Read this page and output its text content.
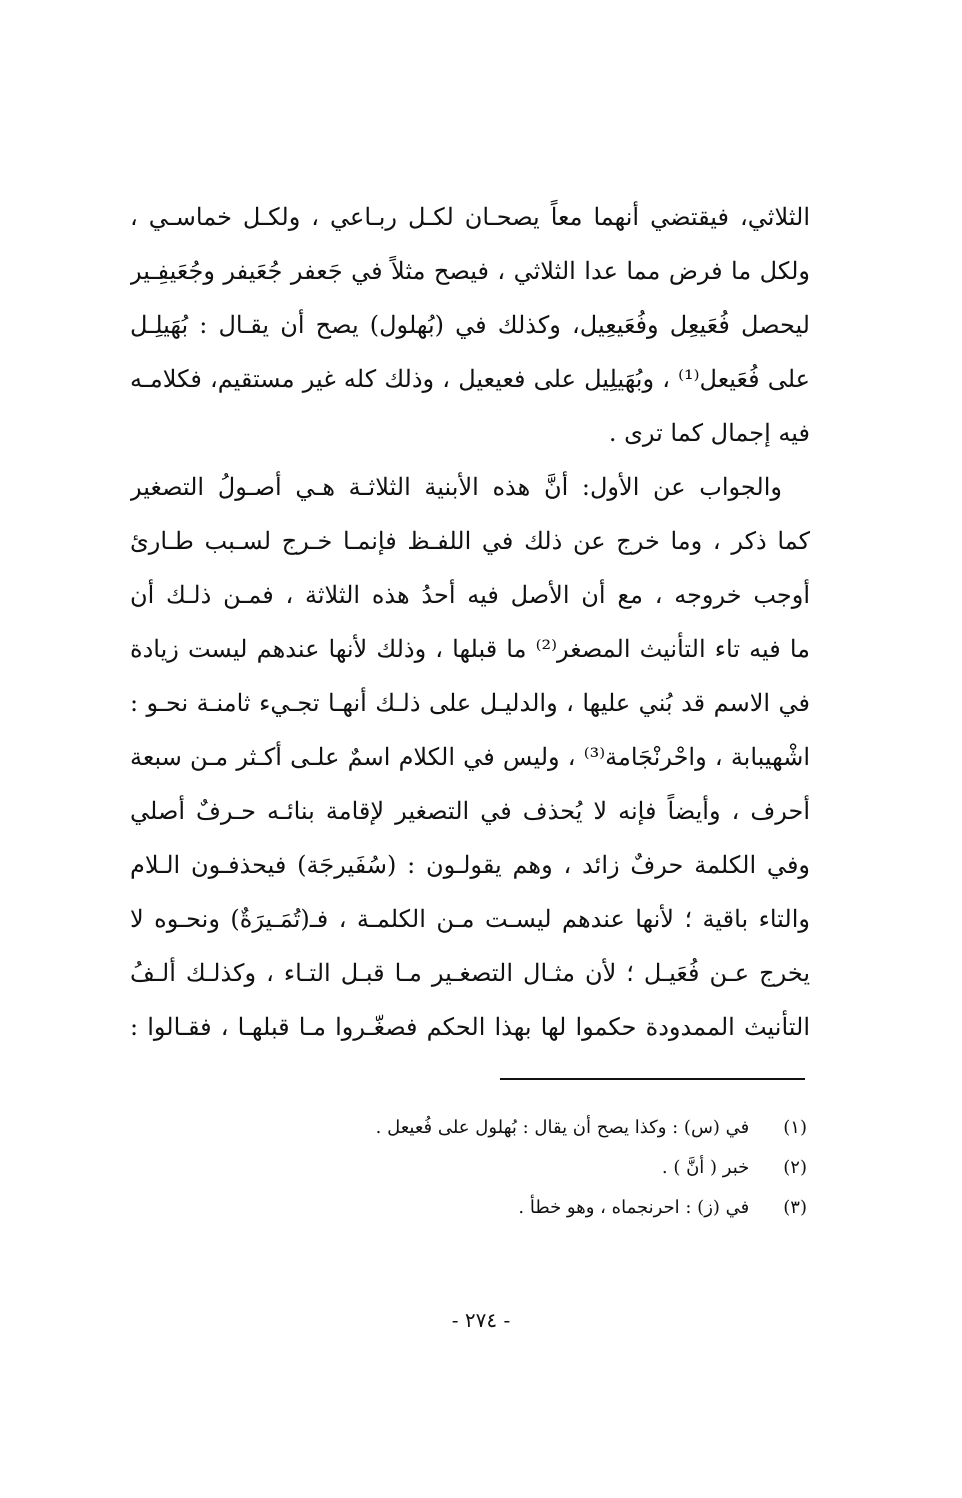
الثلاثي، فيقتضي أنهما معاً يصحـان لكـل ربـاعي ، ولكـل خماسـي ،
ولكل ما فرض مما عدا الثلاثي ، فيصح مثلاً في جَعفر جُعَيفر وجُعَيفِـير
ليحصل فُعَيعِل وفُعَيعِيل، وكذلك في (بُهلول) يصح أن يقـال : بُهَيلِـل
على فُعَيعل⁽¹⁾ ، وبُهَيلِيل على فعيعيل ، وذلك كله غير مستقيم، فكلامـه
فيه إجمال كما ترى .
والجواب عن الأول: أنَّ هذه الأبنية الثلاثـة هـي أصـولُ التصغير
كما ذكر ، وما خرج عن ذلك في اللفـظ فإنمـا خـرج لسـبب طـارئ
أوجب خروجه ، مع أن الأصل فيه أحدُ هذه الثلاثة ، فمـن ذلـك أن
ما فيه تاء التأنيث المصغر⁽²⁾ ما قبلها ، وذلك لأنها عندهم ليست زيادة
في الاسم قد بُني عليها ، والدليـل على ذلـك أنهـا تجـيء ثامنـة نحـو :
اشْهيبابة ، واحْرنْجَامة⁽³⁾ ، وليس في الكلام اسمٌ علـى أكـثر مـن سبعة
أحرف ، وأيضاً فإنه لا يُحذف في التصغير لإقامة بنائـه حـرفٌ أصلي
وفي الكلمة حرفٌ زائد ، وهم يقولـون : (سُفَيرجَة) فيحذفـون الـلام
والتاء باقية ؛ لأنها عندهم ليسـت مـن الكلمـة ، فـ(تُمَـيرَةٌ) ونحـوه لا
يخرج عـن فُعَيـل ؛ لأن مثـال التصغـير مـا قبـل التـاء ، وكذلـك ألـفُ
التأنيث الممدودة حكموا لها بهذا الحكم فصغّـروا مـا قبلهـا ، فقـالوا :
(١) في (س) : وكذا يصح أن يقال : بُهلول على فُعيعل .
(٢) خبر ( أنَّ ) .
(٣) في (ز) : احرنجماه ، وهو خطأ .
- ٢٧٤ -
